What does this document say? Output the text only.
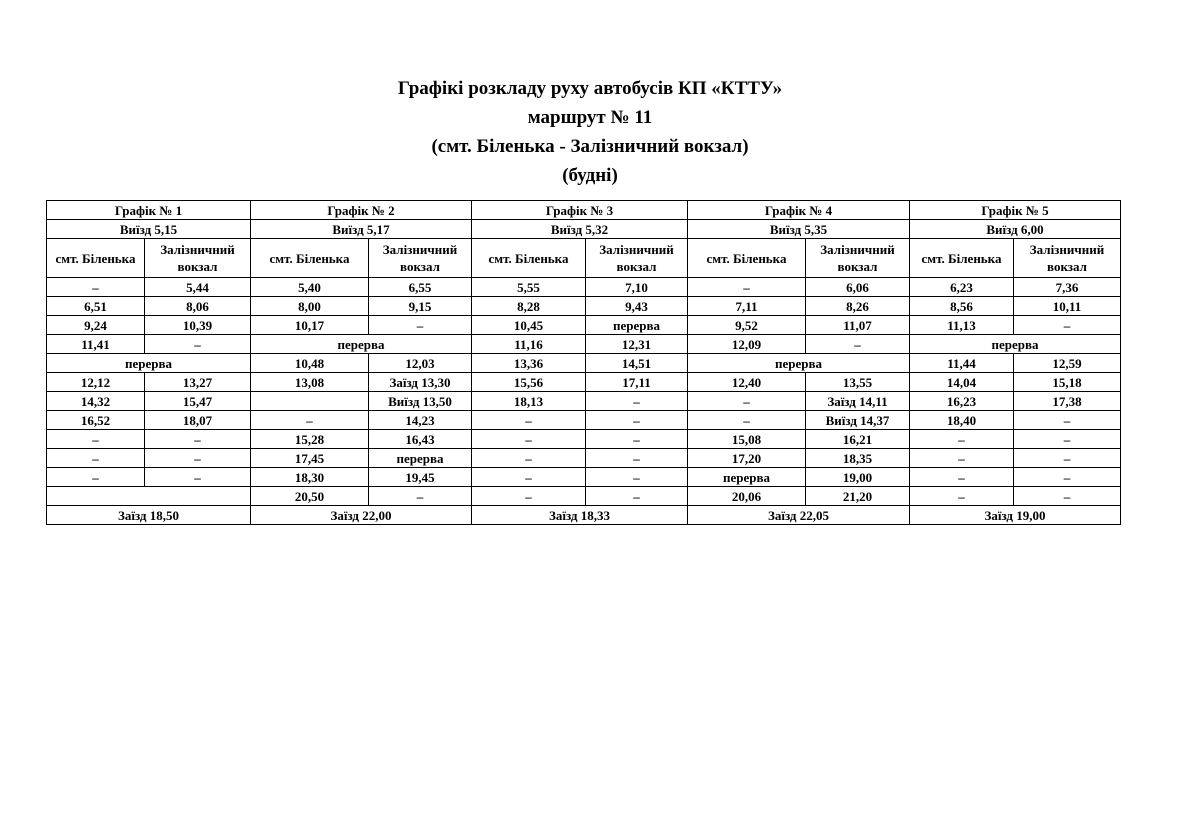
Графікі розкладу руху автобусів КП «КТТУ»
маршрут № 11
(смт. Біленька - Залізничний вокзал)
(будні)
Графік № 1		Графік № 2		Графік № 3		Графік № 4		Графік № 5	
Виїзд 5,15		Виїзд 5,17		Виїзд 5,32		Виїзд 5,35		Виїзд 6,00	
смт. Біленька	Залізничний вокзал	смт. Біленька	Залізничний вокзал	смт. Біленька	Залізничний вокзал	смт. Біленька	Залізничний вокзал	смт. Біленька	Залізничний вокзал
–	5,44	5,40	6,55	5,55	7,10	–	6,06	6,23	7,36
6,51	8,06	8,00	9,15	8,28	9,43	7,11	8,26	8,56	10,11
9,24	10,39	10,17	–	10,45	перерва	9,52	11,07	11,13	–
11,41	–	перерва		11,16	12,31	12,09	–	перерва	
перерва		10,48	12,03	13,36	14,51	перерва		11,44	12,59
12,12	13,27	13,08	Заїзд 13,30	15,56	17,11	12,40	13,55	14,04	15,18
14,32	15,47		Виїзд 13,50	18,13	–	–	Заїзд 14,11	16,23	17,38
16,52	18,07	–	14,23	–	–	–	Виїзд 14,37	18,40	–
–	–	15,28	16,43	–	–	15,08	16,21	–	–
–	–	17,45	перерва	–	–	17,20	18,35	–	–
–	–	18,30	19,45	–	–	перерва	19,00	–	–
		20,50	–	–	–	20,06	21,20	–	–
Заїзд 18,50		Заїзд 22,00		Заїзд 18,33		Заїзд 22,05		Заїзд 19,00	
